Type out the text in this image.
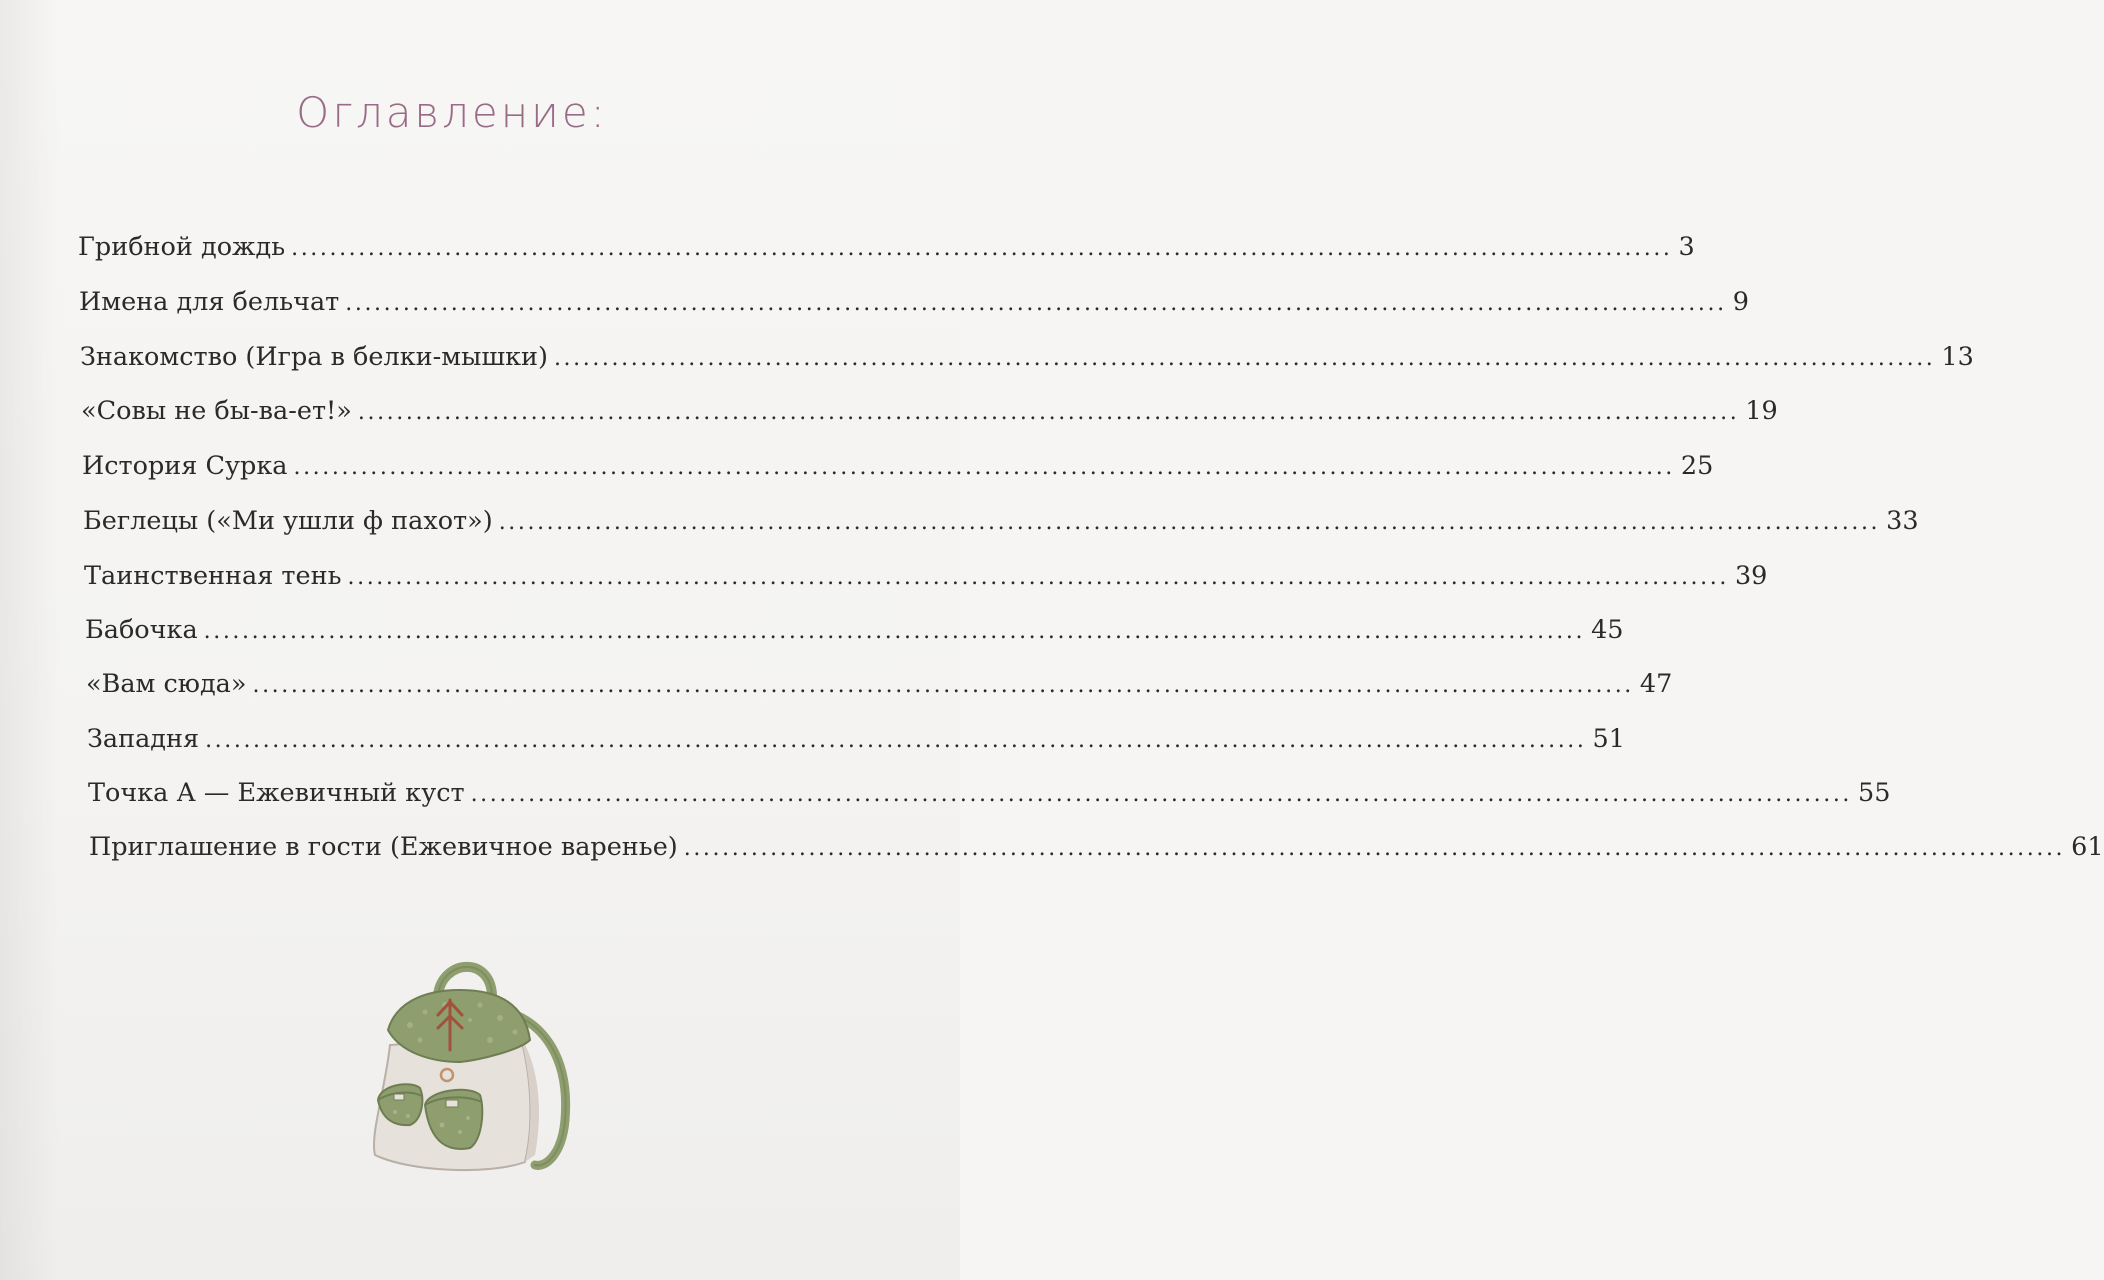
Оглавление:
Грибной дождь ................................................................................................................................................ 3
Имена для бельчат ................................................................................................................................................ 9
Знакомство (Игра в белки-мышки) ................................................................................................................................................ 13
«Совы не бы-ва-ет!» ................................................................................................................................................ 19
История Сурка ................................................................................................................................................ 25
Беглецы («Ми ушли ф пахот») ................................................................................................................................................ 33
Таинственная тень ................................................................................................................................................ 39
Бабочка ................................................................................................................................................ 45
«Вам сюда» ................................................................................................................................................ 47
Западня ................................................................................................................................................ 51
Точка А — Ежевичный куст ................................................................................................................................................ 55
Приглашение в гости (Ежевичное варенье) ................................................................................................................................................ 61
